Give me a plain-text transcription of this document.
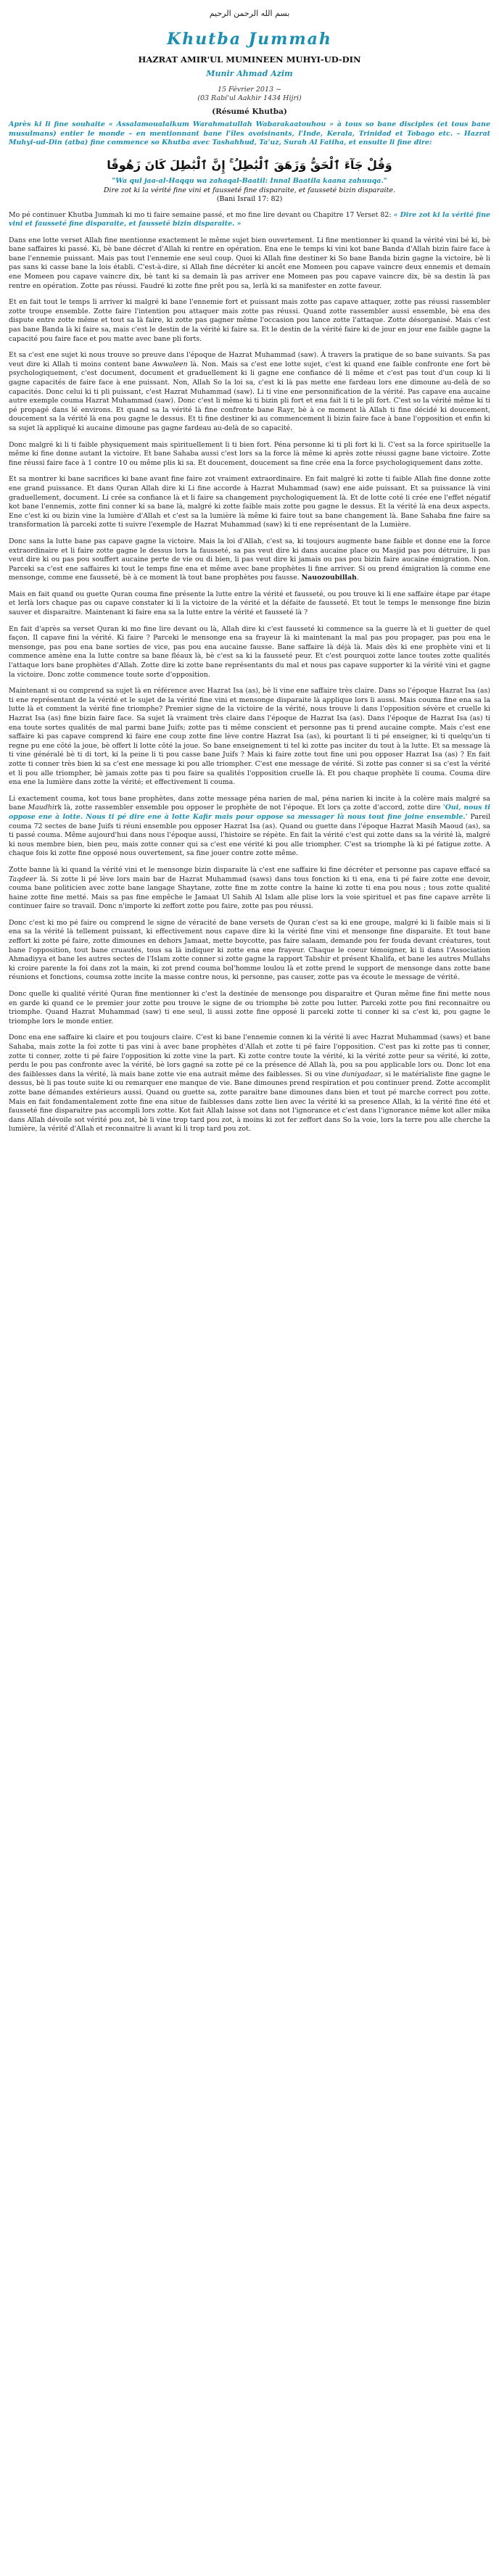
بسم الله الرحمن الرحيم
Khutba Jummah
HAZRAT AMIR'UL MUMINEEN MUHYI-UD-DIN
Munir Ahmad Azim
15 Février 2013 ~
(03 Rabi'ul Aakhir 1434 Hijri)
(Résumé Khutba)
Après ki li fine souhaite « Assalamoualaikum Warahmatullah Wabarakaatouhou » à tous so bane disciples (et tous bane musulmans) entier le monde – en mentionnant bane l'îles avoisinants, l'Inde, Kerala, Trinidad et Tobago etc. – Hazrat Muhyi-ud-Din (atba) fine commence so Khutba avec Tashahhud, Ta'uz, Surah Al Fatiha, et ensuite li fine dire:
وَقُلْ جَآءَ ٱلْحَقُّ وَزَهَقَ ٱلْبَٰطِلُ ۚ إِنَّ ٱلْبَٰطِلَ كَانَ زَهُوقًا
"Wa qul jaa-al-Haqqu wa zahaqal-Baatil: Innal Baatila kaana zahuuqa."
Dire zot ki la vérité fine vini et fausseté fine disparaite, et fausseté bizin disparaite.
(Bani Israil 17: 82)

Mo pé continuer Khutba Jummah ki mo ti faire semaine passé, et mo fine lire devant ou Chapitre 17 Verset 82: « Dire zot ki la vérité fine vini et fausseté fine disparaite, et fausseté bizin disparaite. »

Dans ene lotte verset Allah fine mentionne exactement le même sujet bien ouvertement. Li fine mentionner ki quand la vérité vini bé ki, bè bane saffaires ki passé. Ki, bè bane décret d'Allah ki rentre en opération. Ena ene le temps ki vini kot bane Banda d'Allah bizin faire face à bane l'ennemie puissant. Mais pas tout l'ennemie ene seul coup. Quoi ki Allah fine destiner ki So bane Banda bizin gagne la victoire, bè li pas sans ki casse bane la lois établi. C'est-à-dire, si Allah fine décréter ki ancêt ene Momeen pou capave vaincre deux ennemis et demain ene Momeen pou capave vaincre dix, bè tant ki sa demain là pas arriver ene Momeen pas pou capave vaincre dix, bè sa destin là pas rentre en opération. Zotte pas réussi. Faudré ki zotte fine prêt pou sa, lerlà ki sa manifester en zotte faveur.

Et en fait tout le temps li arriver ki malgré ki bane l'ennemie fort et puissant mais zotte pas capave attaquer, zotte pas réussi rassembler zotte troupe ensemble. Zotte faire l'intention pou attaquer mais zotte pas réussi. Quand zotte rassembler aussi ensemble, bè ena des dispute entre zotte même et tout sa là faire, ki zotte pas gagner même l'occasion pou lance zotte l'attaque. Zotte désorganisé. Mais c'est pas bane Banda là ki faire sa, mais c'est le destin de la vérité ki faire sa. Et le destin de la vérité faire ki de jour en jour ene faible gagne la capacité pou faire face et pou matte avec bane pli forts.

Et sa c'est ene sujet ki nous trouve so preuve dans l'époque de Hazrat Muhammad (saw). À travers la pratique de so bane suivants. Sa pas veut dire ki Allah ti moins content bane Awwaleen là. Non. Mais sa c'est ene lotte sujet, c'est ki quand ene faible confronte ene fort bè psychologiquement, c'est document, document et graduellement ki li gagne ene confiance dé li même et c'est pas tout d'un coup ki li gagne capacités de faire face à ene puissant. Non, Allah So la loi sa, c'est ki là pas mette ene fardeau lors ene dimoune au-delà de so capacités. Donc celui ki ti pli puissant, c'est Hazrat Muhammad (saw). Li ti vine ene personnification de la vérité. Pas capave ena aucaine autre exemple couma Hazrat Muhammad (saw). Donc c'est li même ki ti bizin pli fort et ena fait li ti le pli fort. C'est so la vérité même ki ti pé propagé dans lé environs. Et quand sa la vérité là fine confronte bane Rayr, bè à ce moment là Allah ti fine décidé ki doucement, doucement sa la vérité là ena pou gagne le dessus. Et ti fine destiner ki au commencement li bizin faire face à bane l'opposition et enfin ki sa sujet là appliqué ki aucaine dimoune pas gagne fardeau au-delà de so capacité.

Donc malgré ki li ti faible physiquement mais spirituellement li ti bien fort. Péna personne ki ti pli fort ki li. C'est sa la force spirituelle la même ki fine donne autant la victoire. Et bane Sahaba aussi c'est lors sa la force là même ki après zotte réussi gagne bane victoire. Zotte fine réussi faire face à 1 contre 10 ou même plis ki sa. Et doucement, doucement sa fine crée ena la force psychologiquement dans zotte.

Et sa montrer ki bane sacrifices ki bane avant fine faire zot vraiment extraordinaire. En fait malgré ki zotte ti faible Allah fine donne zotte ene grand puissance. Et dans Quran Allah dire ki Li fine accorde à Hazrat Muhammad (saw) ene aide puissant. Et sa puissance là vini graduellement, document. Li crée sa confiance là et li faire sa changement psychologiquement là. Et de lotte coté li crée ene l'effet négatif kot bane l'ennemis, zotte fini conner ki sa bane là, malgré ki zotte faible mais zotte pou gagne le dessus. Et la vérité là ena deux aspects. Ene c'est ki ou bizin vine la lumière d'Allah et c'est sa la lumière là même ki faire tout sa bane changement là. Bane Sahaba fine faire sa transformation là parceki zotte ti suivre l'exemple de Hazrat Muhammad (saw) ki ti ene représentant de la Lumière.

Donc sans la lutte bane pas capave gagne la victoire. Mais la loi d'Allah, c'est sa, ki toujours augmente bane faible et donne ene la force extraordinaire et li faire zotte gagne le dessus lors la fausseté, sa pas veut dire ki dans aucaine place ou Masjid pas pou détruire, li pas veut dire ki ou pas pou souffert aucaine perte de vie ou di bien, li pas veut dire ki jamais ou pas pou bizin faire aucaine émigration. Non. Parceki sa c'est ene saffaires ki tout le temps fine ena et même avec bane prophètes li fine arriver. Si ou prend émigration là comme ene mensonge, comme ene fausseté, bè à ce moment là tout bane prophètes pou fausse. Nauozoubillah.

Mais en fait quand ou guette Quran couma fine présente la lutte entre la vérité et fausseté, ou pou trouve ki li ene saffaire étape par étape et lerlà lors chaque pas ou capave constater ki li la victoire de la vérité et la défaite de fausseté. Et tout le temps le mensonge fine bizin sauver et disparaitre. Maintenant ki faire ena sa la lutte entre la vérité et fausseté là ?

En fait d'après sa verset Quran ki mo fine lire devant ou là, Allah dire ki c'est fausseté ki commence sa la guerre là et li guetter de quel façon. Il capave fini la vérité. Ki faire ? Parceki le mensonge ena sa frayeur là ki maintenant la mal pas pou propager, pas pou ena le mensonge, pas pou ena bane sorties de vice, pas pou ena aucaine fausse. Bane saffaire là déjà là. Mais dès ki ene prophète vini et li commence amène ena la lutte contre sa bane fléaux là, bè c'est sa ki la fausseté peur. Et c'est pourquoi zotte lance toutes zotte qualités l'attaque lors bane prophètes d'Allah. Zotte dire ki zotte bane représentants du mal et nous pas capave supporter ki la vérité vini et gagne la victoire. Donc zotte commence toute sorte d'opposition.

Maintenant si ou comprend sa sujet là en référence avec Hazrat Isa (as), bè li vine ene saffaire très claire. Dans so l'époque Hazrat Isa (as) ti ene représentant de la vérité et le sujet de la vérité fine vini et mensonge disparaite là applique lors li aussi. Mais couma fine ena sa la lutte là et comment la vérité fine triomphe? Premier signe de la victoire de la vérité, nous trouve li dans l'opposition sévère et cruelle ki Hazrat Isa (as) fine bizin faire face. Sa sujet là vraiment très claire dans l'époque de Hazrat Isa (as). Dans l'époque de Hazrat Isa (as) ti ena toute sortes qualités de mal parmi bane Juifs; zotte pas ti même conscient et personne pas ti prend aucaine compte. Mais c'est ene saffaire ki pas capave comprend ki faire ene coup zotte fine lève contre Hazrat Isa (as), ki pourtant li ti pé enseigner, ki ti quelqu'un ti regne pu ene côté la joue, bè offert li lotte côté la joue. So bane enseignement ti tel ki zotte pas inciter du tout à la lutte. Et sa message là ti vine généralé bè ti di tort, ki la peine li ti pou casse bane Juifs ? Mais ki faire zotte tout fine uni pou opposer Hazrat Isa (as) ? En fait zotte ti conner très bien ki sa c'est ene message ki pou alle triompher. C'est ene message de vérité. Si zotte pas conner si sa c'est la vérité et li pou alle triompher, bè jamais zotte pas ti pou faire sa qualités l'opposition cruelle là. Et pou chaque prophète li couma. Couma dire ena ene la lumière dans zotte la vérité; et effectivement li couma.

Li exactement couma, kot tous bane prophètes, dans zotte message péna narien de mal, péna narien ki incite à la colère mais malgré sa bane Maudhirk là, zotte rassembler ensemble pou opposer le prophète de not l'époque. Et lors ça zotte d'accord, zotte dire 'Oui, nous ti oppose ene à lotte. Nous ti pé dire ene à lotte Kafir mais pour oppose sa messager là nous tout fine joine ensemble.' Pareil couma 72 sectes de bane Juifs ti réuni ensemble pou opposer Hazrat Isa (as). Quand ou guette dans l'époque Hazrat Masih Maoud (as), sa ti passé couma. Même aujourd'hui dans nous l'époque aussi, l'histoire se répète. En fait la vérité c'est qui zotte dans sa la vérité là, malgré ki nous membre bien, bien peu, mais zotte conner qui sa c'est ene vérité ki pou alle triompher. C'est sa triomphe là ki pé fatigue zotte. A chaque fois ki zotte fine opposé nous ouvertement, sa fine jouer contre zotte même.

Zotte banne là ki quand la vérité vini et le mensonge bizin disparaite là c'est ene saffaire ki fine décréter et personne pas capave effacé sa Taqdeer là. Si zotte li pé lève lors main bar de Hazrat Muhammad (saws) dans tous fonction ki ti ena, ena ti pé faire zotte ene devoir, couma bane politicien avec zotte bane langage Shaytane, zotte fine m zotte contre la haine ki zotte ti ena pou nous ; tous zotte qualité haine zotte fine metté. Mais sa pas fine empêche le Jamaat Ul Sahih Al Islam alle plise lors la voie spirituel et pas fine capave arrête li continuer faire so travail. Donc n'importe ki zeffort zotte pou faire, zotte pas pou réussi.

Donc c'est ki mo pé faire ou comprend le signe de véracité de bane versets de Quran c'est sa ki ene groupe, malgré ki li faible mais si li ena sa la vérité là tellement puissant, ki effectivement nous capave dire ki la vérité fine vini et mensonge fine disparaite. Et tout bane zeffort ki zotte pé faire, zotte dimounes en dehors Jamaat, mette boycotte, pas faire salaam, demande pou fer fouda devant créatures, tout bane l'opposition, tout bane cruautés, tous sa là indiquer ki zotte ena ene frayeur. Chaque le coeur témoigner, ki li dans l'Association Ahmadiyya et bane les autres sectes de l'Islam zotte conner si zotte gagne la rapport Tabshir et présent Khalifa, et bane les autres Mullahs ki croire parente la foi dans zot la main, ki zot prend couma bol'homme loulou là et zotte prend le support de mensonge dans zotte bane réunions et fonctions, coumsa zotte incite la masse contre nous, ki personne, pas causer, zotte pas va écoute le message de vérité.

Donc quelle ki qualité vérité Quran fine mentionner ki c'est la destinée de mensonge pou disparaitre et Quran même fine fini mette nous en garde ki quand ce le premier jour zotte pou trouve le signe de ou triomphe bè zotte pou lutter. Parceki zotte pou fini reconnaitre ou triomphe. Quand Hazrat Muhammad (saw) ti ene seul, li aussi zotte fine opposé li parceki zotte ti conner ki sa c'est ki, pou gagne le triomphe lors le monde entier.

Donc ena ene saffaire ki claire et pou toujours claire. C'est ki bane l'ennemie connen ki la vérité li avec Hazrat Muhammad (saws) et bane Sahaba, mais zotte la foi zotte ti pas vini à avec bane prophètes d'Allah et zotte ti pé faire l'opposition. C'est pas ki zotte pas ti conner, zotte ti conner, zotte ti pé faire l'opposition ki zotte vine la part. Ki zotte contre toute la vérité, ki la vérité zotte peur sa vérité, ki zotte, perdu le pou pas confronte avec la vérité, bè lors gagné sa zotte pé ce la présence dé Allah là, pou sa pou applicable lors ou. Donc lot ena des faiblesses dans la vérité, là mais bane zotte vie ena autrait même des faiblesses. Si ou vine duniyadaar, si le matérialiste fine gagne le dessus, bè li pas toute suite ki ou remarquer ene manque de vie. Bane dimounes prend respiration et pou continuer prend. Zotte accomplit zotte bane démandes extérieurs aussi. Quand ou guette sa, zotte paraitre bane dimounes dans bien et tout pé marche correct pou zotte. Mais en fait fondamentalement zotte fine ena situe de faiblesses dans zotte lien avec la vérité ki sa presence Allah, ki la vérité fine été et fausseté fine disparaitre pas accompli lors zotte. Kot fait Allah laisse sot dans not l'ignorance et c'est dans l'ignorance même kot aller mika dans Allah dévoile sot vérité pou zot, bè li vine trop tard pou zot, à moins ki zot fer zeffort dans So la voie, lors la terre pou alle cherche la lumière, la vérité d'Allah et reconnaitre li avant ki li trop tard pou zot.
